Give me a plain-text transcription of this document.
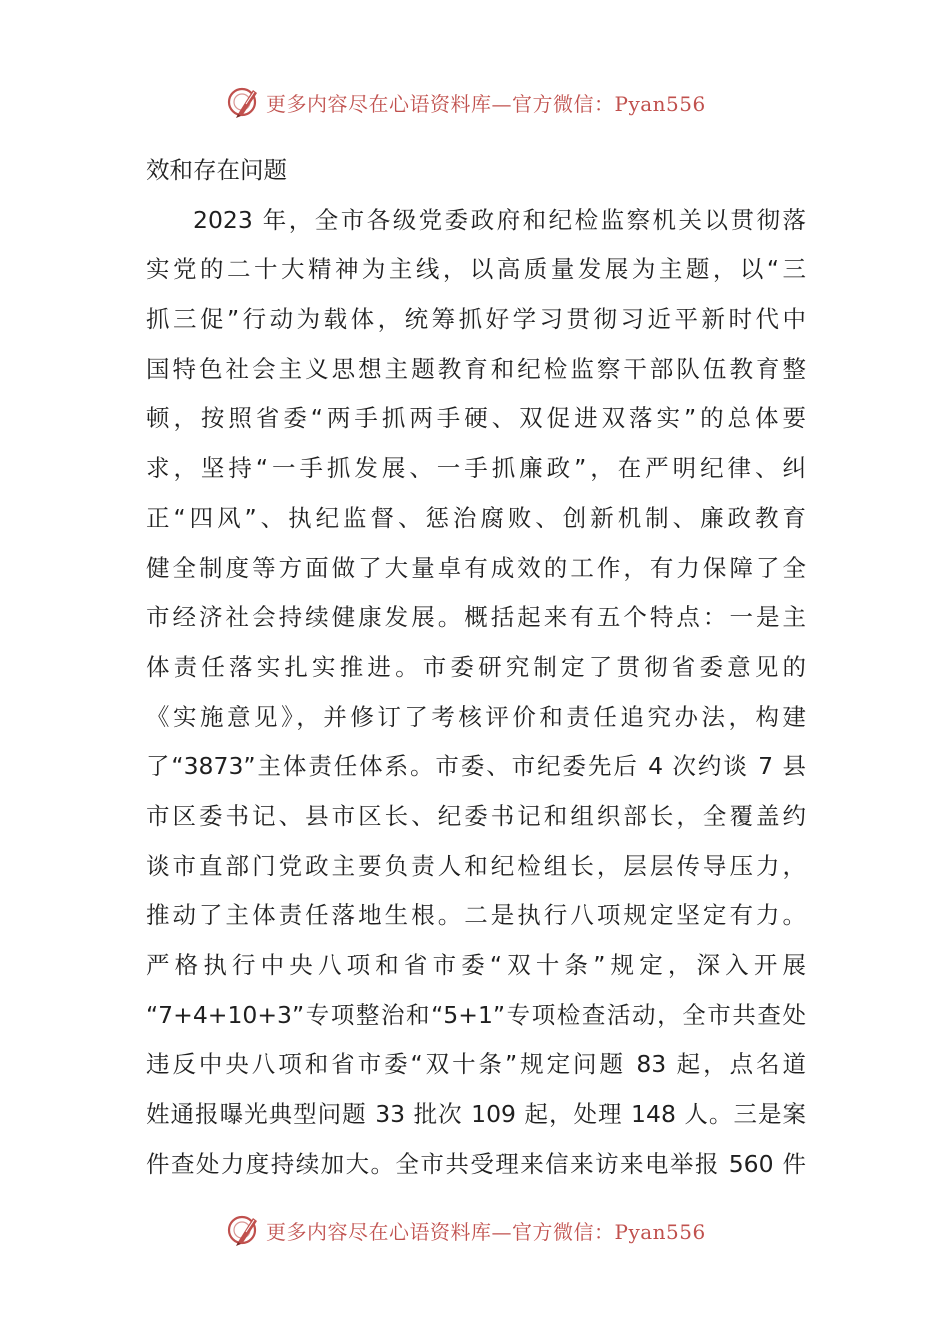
更多内容尽在心语资料库—官方微信：Pyan556
效和存在问题
2023 年，全市各级党委政府和纪检监察机关以贯彻落
实党的二十大精神为主线，以高质量发展为主题，以“三
抓三促”行动为载体，统筹抓好学习贯彻习近平新时代中
国特色社会主义思想主题教育和纪检监察干部队伍教育整
顿，按照省委“两手抓两手硬、双促进双落实”的总体要
求，坚持“一手抓发展、一手抓廉政”，在严明纪律、纠
正“四风”、执纪监督、惩治腐败、创新机制、廉政教育
健全制度等方面做了大量卓有成效的工作，有力保障了全
市经济社会持续健康发展。概括起来有五个特点：一是主
体责任落实扎实推进。市委研究制定了贯彻省委意见的
《实施意见》，并修订了考核评价和责任追究办法，构建
了“3873”主体责任体系。市委、市纪委先后 4 次约谈 7 县
市区委书记、县市区长、纪委书记和组织部长，全覆盖约
谈市直部门党政主要负责人和纪检组长，层层传导压力，
推动了主体责任落地生根。二是执行八项规定坚定有力。
严格执行中央八项和省市委“双十条”规定，深入开展
“7+4+10+3”专项整治和“5+1”专项检查活动，全市共查处
违反中央八项和省市委“双十条”规定问题 83 起，点名道
姓通报曝光典型问题 33 批次 109 起，处理 148 人。三是案
件查处力度持续加大。全市共受理来信来访来电举报 560 件
更多内容尽在心语资料库—官方微信：Pyan556
